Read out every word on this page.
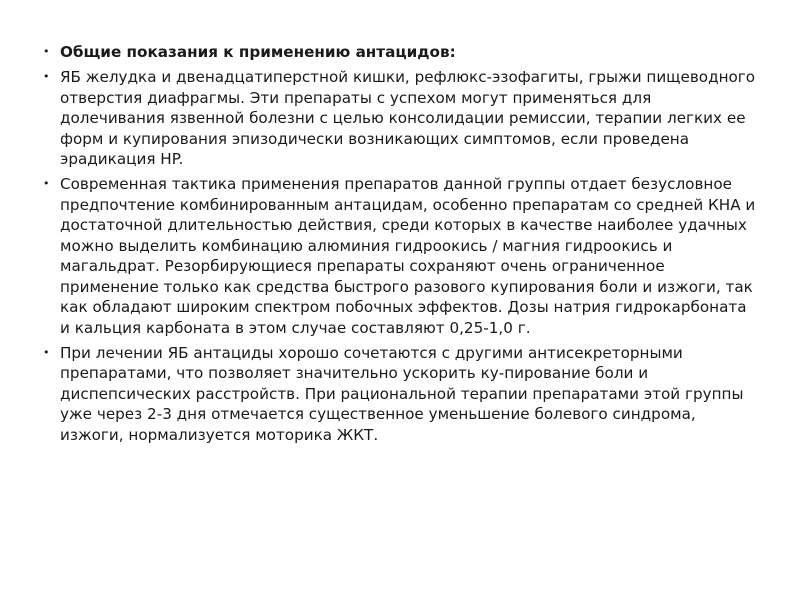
• Общие показания к применению антацидов:
• ЯБ желудка и двенадцатиперстной кишки, рефлюкс-эзофагиты, грыжи пищеводного отверстия диафрагмы. Эти препараты с успехом могут применяться для долечивания язвенной болезни с целью консолидации ремиссии, терапии легких ее форм и купирования эпизодически возникающих симптомов, если проведена эрадикация HP.
• Современная тактика применения препаратов данной группы отдает безусловное предпочтение комбинированным антацидам, особенно препаратам со средней КНА и достаточной длительностью действия, среди которых в качестве наиболее удачных можно выделить комбинацию алюминия гидроокись / магния гидроокись и магальдрат. Резорбирующиеся препараты сохраняют очень ограниченное применение только как средства быстрого разового купирования боли и изжоги, так как обладают широким спектром побочных эффектов. Дозы натрия гидрокарбоната и кальция карбоната в этом случае составляют 0,25-1,0 г.
• При лечении ЯБ антациды хорошо сочетаются с другими антисекреторными препаратами, что позволяет значительно ускорить ку-пирование боли и диспепсических расстройств. При рациональной терапии препаратами этой группы уже через 2-3 дня отмечается существенное уменьшение болевого синдрома, изжоги, нормализуется моторика ЖКТ.
